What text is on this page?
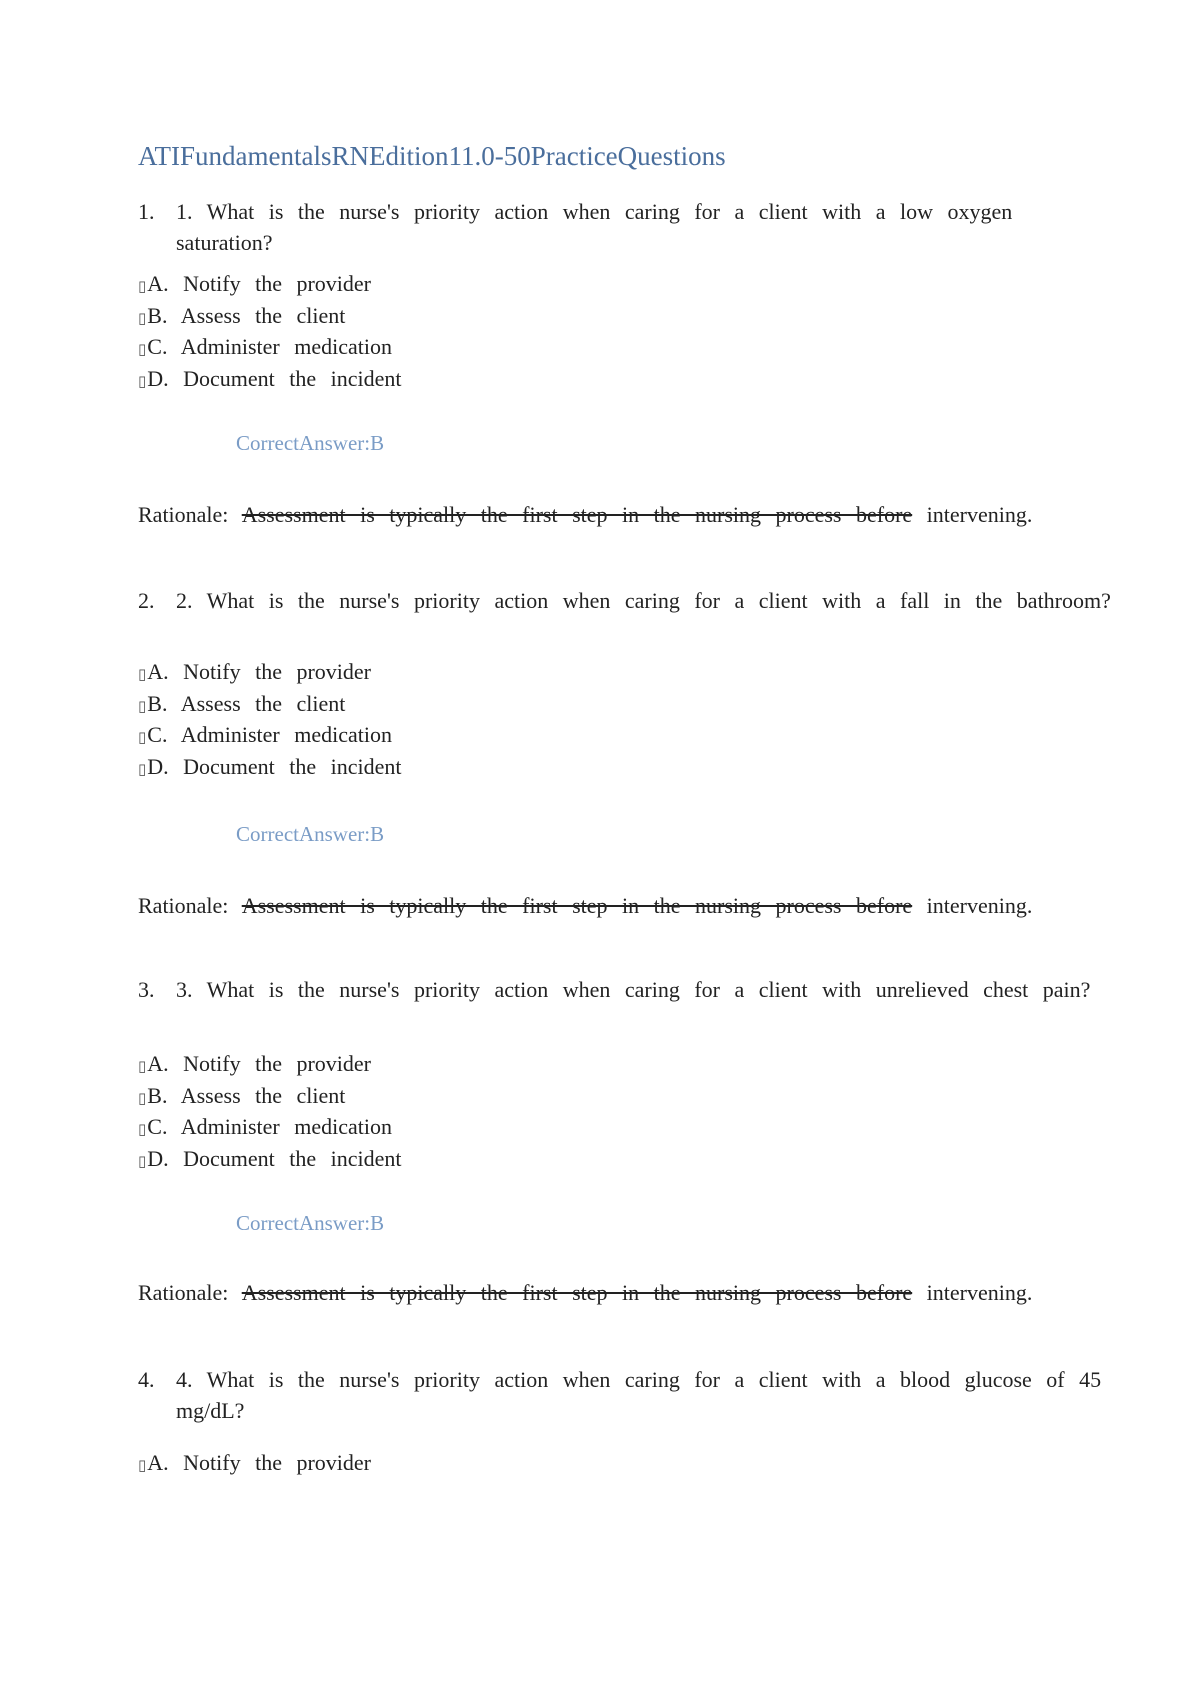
ATIFundamentalsRNEdition11.0-50PracticeQuestions
1. 1. What is the nurse's priority action when caring for a client with a low oxygen saturation?
▯A. Notify the provider
▯B. Assess the client
▯C. Administer medication
▯D. Document the incident
CorrectAnswer:B
Rationale: Assessment is typically the first step in the nursing process before intervening.
2. 2. What is the nurse's priority action when caring for a client with a fall in the bathroom?
▯A. Notify the provider
▯B. Assess the client
▯C. Administer medication
▯D. Document the incident
CorrectAnswer:B
Rationale: Assessment is typically the first step in the nursing process before intervening.
3. 3. What is the nurse's priority action when caring for a client with unrelieved chest pain?
▯A. Notify the provider
▯B. Assess the client
▯C. Administer medication
▯D. Document the incident
CorrectAnswer:B
Rationale: Assessment is typically the first step in the nursing process before intervening.
4. 4. What is the nurse's priority action when caring for a client with a blood glucose of 45 mg/dL?
▯A. Notify the provider
